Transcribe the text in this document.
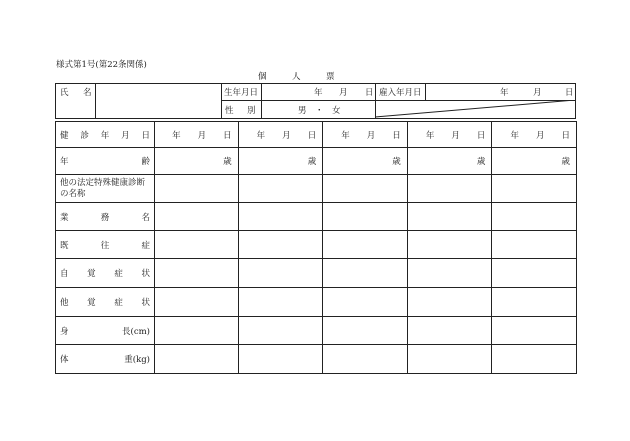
様式第1号(第22条関係)
個　　　人　　　票
氏 名	生年月日	年 月 日 雇入年月日	年	月	日
性 別	男　・　女
健 診 年 月 日	年 月 日	年 月 日	年 月 日	年 月 日	年 月 日

年 齢	歳	歳	歳	歳	歳

他の法定特殊健康診断の名称					

業 務 名					

既 往 症					

自 覚 症 状					

他 覚 症 状					

身 長(cm)					

体 重(kg)					
